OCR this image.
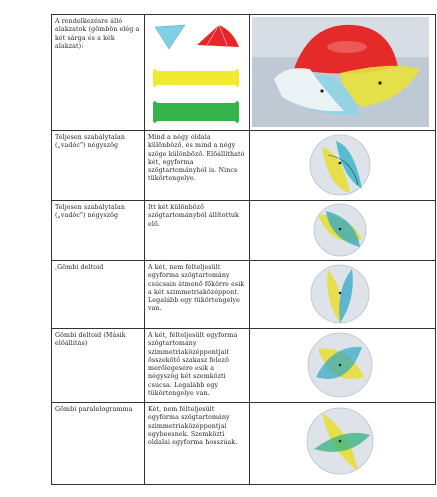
A rendelkezésre álló alakzatok (gömbön elég a két sárga és a kék alakzat):	

Teljesen szabálytalan („vadóc") négyszög	Mind a négy oldala különböző, és mind a négy szöge különböző. Előállítható két, egyforma szögtartományból is. Nincs tükörtengelye.	

Teljesen szabálytalan („vadóc") négyszög	Itt két különböző szögtartományból állítottuk elő.	

,Gömbi deltoid	A két, nem félteljesült egyforma szögtartomány csúcsain átmenő főkörre esik a két szimmetriaközéppont. Legalább egy tükörtengelye van.	

Gömbi deltoid (Másik előállítás)	A két, félteljesült egyforma szögtartomány szimmetriaközéppontjait összekötő szakasz felező merőlegesére esik a négyszög két szemközti csúcsa. Legalább egy tükörtengelye van.	

Gömbi paralelogramma	Két, nem félteljesült egyforma szögtartomány szimmetriaközéppontjai egybeesnek. Szemközti oldalai egyforma hosszúak.	
